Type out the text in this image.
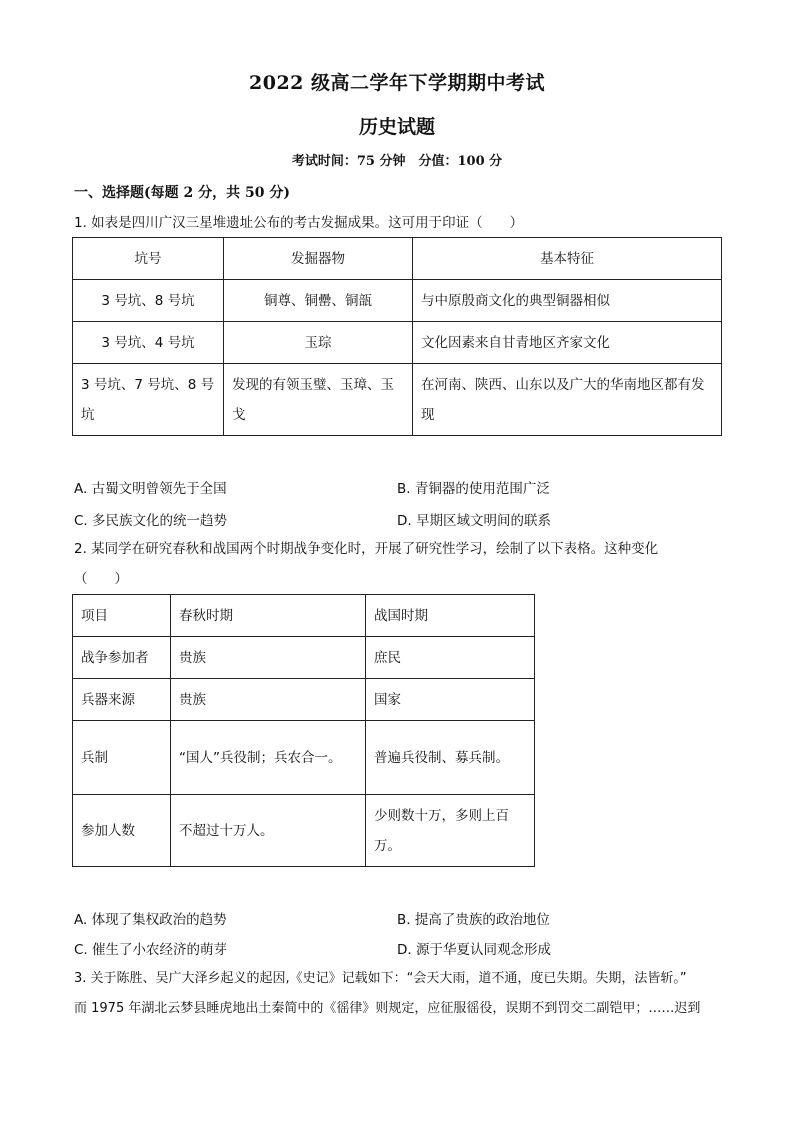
2022 级高二学年下学期期中考试
历史试题
考试时间：75 分钟　分值：100 分
一、选择题(每题 2 分，共 50 分)
1. 如表是四川广汉三星堆遗址公布的考古发掘成果。这可用于印证（　　）
坑号	发掘器物	基本特征
3 号坑、8 号坑	铜尊、铜罍、铜瓿	与中原殷商文化的典型铜器相似
3 号坑、4 号坑	玉琮	文化因素来自甘青地区齐家文化
3 号坑、7 号坑、8 号坑	发现的有领玉璧、玉璋、玉戈	在河南、陕西、山东以及广大的华南地区都有发现
A. 古蜀文明曾领先于全国	B. 青铜器的使用范围广泛
C. 多民族文化的统一趋势	D. 早期区域文明间的联系
2. 某同学在研究春秋和战国两个时期战争变化时，开展了研究性学习，绘制了以下表格。这种变化
（　　）
项目	春秋时期	战国时期
战争参加者	贵族	庶民
兵器来源	贵族	国家
兵制	“国人”兵役制；兵农合一。	普遍兵役制、募兵制。
参加人数	不超过十万人。	少则数十万，多则上百万。
A. 体现了集权政治的趋势	B. 提高了贵族的政治地位
C. 催生了小农经济的萌芽	D. 源于华夏认同观念形成
3. 关于陈胜、吴广大泽乡起义的起因,《史记》记载如下：“会天大雨，道不通，度已失期。失期，法皆斩。”
而 1975 年湖北云梦县睡虎地出土秦简中的《徭律》则规定，应征服徭役，误期不到罚交二副铠甲；……迟到
